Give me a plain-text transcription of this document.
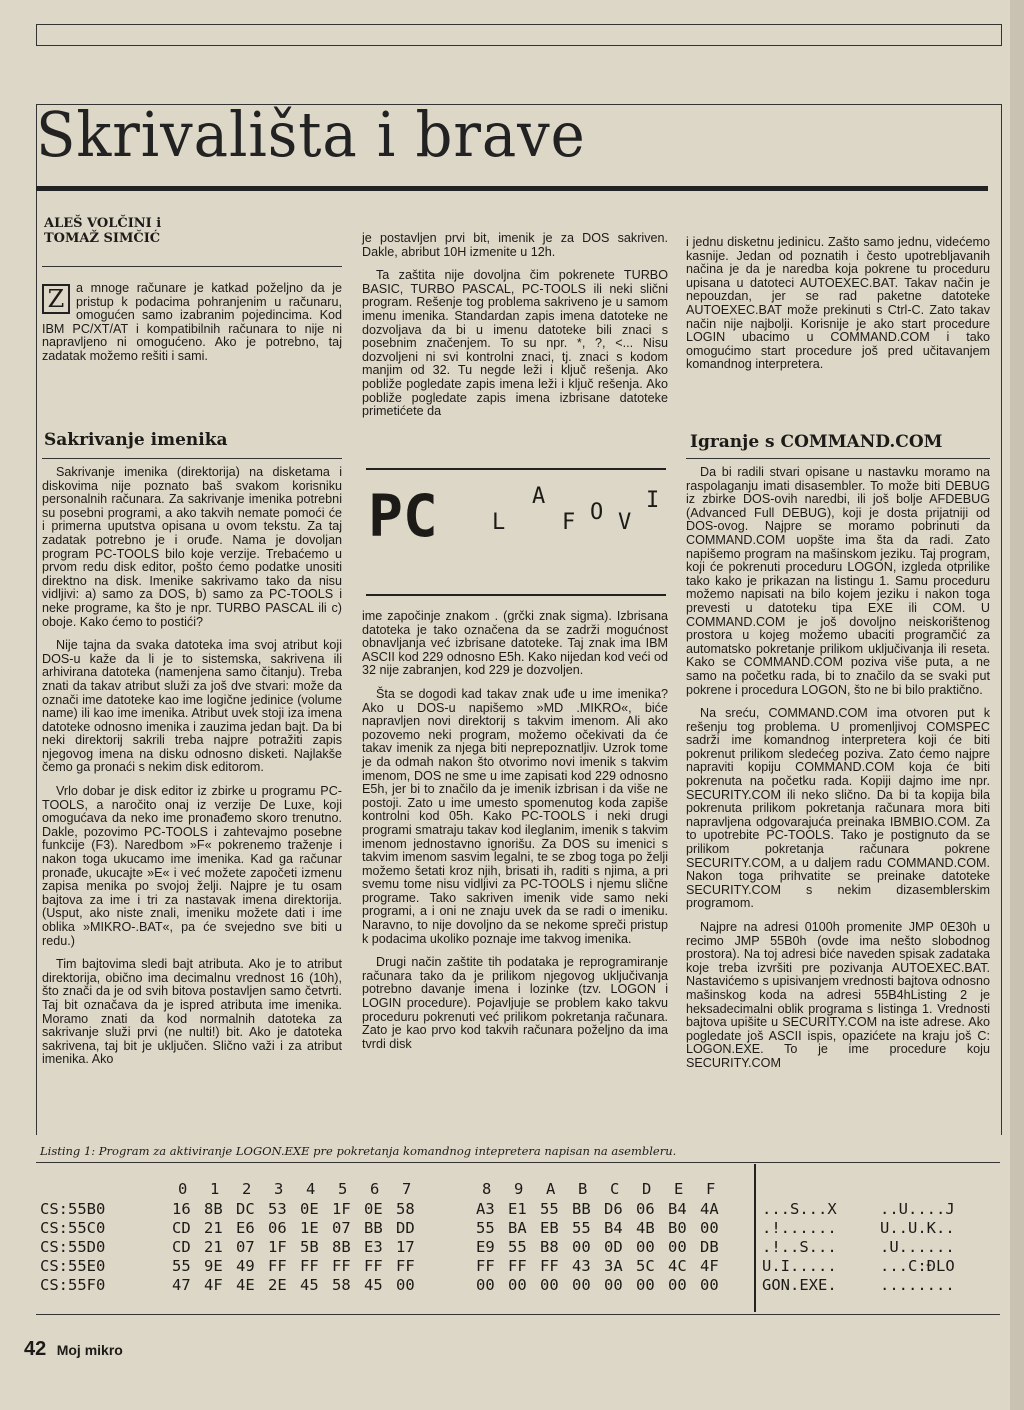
Skrivališta i brave
ALEŠ VOLČINI i
TOMAŽ SIMČIĆ

Z a mnoge računare je katkad poželjno da je pristup k podacima pohranjenim u računaru, omogućen samo izabranim pojedincima. Kod IBM PC/XT/AT i kompatibilnih računara to nije ni napravljeno ni omogućeno. Ako je potrebno, taj zadatak možemo rešiti i sami.

Sakrivanje imenika

Sakrivanje imenika (direktorija) na disketama i diskovima nije poznato baš svakom korisniku personalnih računara. Za sakrivanje imenika potrebni su posebni programi, a ako takvih nemate pomoći će i primerna uputstva opisana u ovom tekstu. Za taj zadatak potrebno je i oruđe. Nama je dovoljan program PC-TOOLS bilo koje verzije. Trebaćemo u prvom redu disk editor, pošto ćemo podatke unositi direktno na disk. Imenike sakrivamo tako da nisu vidljivi: a) samo za DOS, b) samo za PC-TOOLS i neke programe, ka što je npr. TURBO PASCAL ili c) oboje. Kako ćemo to postići?

Nije tajna da svaka datoteka ima svoj atribut koji DOS-u kaže da li je to sistemska, sakrivena ili arhivirana datoteka (namenjena samo čitanju). Treba znati da takav atribut služi za još dve stvari: može da označi ime datoteke kao ime logične jedinice (volume name) ili kao ime imenika. Atribut uvek stoji iza imena datoteke odnosno imenika i zauzima jedan bajt. Da bi neki direktorij sakrili treba najpre potražiti zapis njegovog imena na disku odnosno disketi. Najlakše čemo ga pronaći s nekim disk editorom.

Vrlo dobar je disk editor iz zbirke u programu PC-TOOLS, a naročito onaj iz verzije De Luxe, koji omogućava da neko ime pronađemo skoro trenutno. Dakle, pozovimo PC-TOOLS i zahtevajmo posebne funkcije (F3). Naredbom »F« pokrenemo traženje i nakon toga ukucamo ime imenika. Kad ga računar pronađe, ukucajte »E« i već možete započeti izmenu zapisa menika po svojoj želji. Najpre je tu osam bajtova za ime i tri za nastavak imena direktorija. (Usput, ako niste znali, imeniku možete dati i ime oblika »MIKRO-.BAT«, pa će svejedno sve biti u redu.)

Tim bajtovima sledi bajt atributa. Ako je to atribut direktorija, obično ima decimalnu vrednost 16 (10h), što znači da je od svih bitova postavljen samo četvrti. Taj bit označava da je ispred atributa ime imenika. Moramo znati da kod normalnih datoteka za sakrivanje služi prvi (ne nulti!) bit. Ako je datoteka sakrivena, taj bit je uključen. Slično važi i za atribut imenika. Ako

je postavljen prvi bit, imenik je za DOS sakriven. Dakle, abribut 10H izmenite u 12h.

Ta zaštita nije dovoljna čim pokrenete TURBO BASIC, TURBO PASCAL, PC-TOOLS ili neki slični program. Rešenje tog problema sakriveno je u samom imenu imenika. Standardan zapis imena datoteke ne dozvoljava da bi u imenu datoteke bili znaci s posebnim značenjem. To su npr. *, ?, <... Nisu dozvoljeni ni svi kontrolni znaci, tj. znaci s kodom manjim od 32. Tu negde leži i ključ rešenja. Ako pobliže pogledate zapis imena leži i ključ rešenja. Ako pobliže pogledate zapis imena izbrisane datoteke primetićete da

PC L
A
F O V
I

ime započinje znakom . (grčki znak sigma). Izbrisana datoteka je tako označena da se zadrži mogućnost obnavljanja već izbrisane datoteke. Taj znak ima IBM ASCII kod 229 odnosno E5h. Kako nijedan kod veći od 32 nije zabranjen, kod 229 je dozvoljen.

Šta se dogodi kad takav znak uđe u ime imenika? Ako u DOS-u napišemo »MD .MIKRO«, biće napravljen novi direktorij s takvim imenom. Ali ako pozovemo neki program, možemo očekivati da će takav imenik za njega biti neprepoznatljiv. Uzrok tome je da odmah nakon što otvorimo novi imenik s takvim imenom, DOS ne sme u ime zapisati kod 229 odnosno E5h, jer bi to značilo da je imenik izbrisan i da više ne postoji. Zato u ime umesto spomenutog koda zapiše kontrolni kod 05h. Kako PC-TOOLS i neki drugi programi smatraju takav kod ileglanim, imenik s takvim imenom jednostavno ignorišu. Za DOS su imenici s takvim imenom sasvim legalni, te se zbog toga po želji možemo šetati kroz njih, brisati ih, raditi s njima, a pri svemu tome nisu vidljivi za PC-TOOLS i njemu slične programe. Tako sakriven imenik vide samo neki programi, a i oni ne znaju uvek da se radi o imeniku. Naravno, to nije dovoljno da se nekome spreči pristup k podacima ukoliko poznaje ime takvog imenika.

Drugi način zaštite tih podataka je reprogramiranje računara tako da je prilikom njegovog uključivanja potrebno davanje imena i lozinke (tzv. LOGON i LOGIN procedure). Pojavljuje se problem kako takvu proceduru pokrenuti već prilikom pokretanja računara. Zato je kao prvo kod takvih računara poželjno da ima tvrdi disk

i jednu disketnu jedinicu. Zašto samo jednu, videćemo kasnije. Jedan od poznatih i često upotrebljavanih načina je da je naredba koja pokrene tu proceduru upisana u datoteci AUTOEXEC.BAT. Takav način je nepouzdan, jer se rad paketne datoteke AUTOEXEC.BAT može prekinuti s Ctrl-C. Zato takav način nije najbolji. Korisnije je ako start procedure LOGIN ubacimo u COMMAND.COM i tako omogućimo start procedure još pred učitavanjem komandnog interpretera.

Igranje s COMMAND.COM

Da bi radili stvari opisane u nastavku moramo na raspolaganju imati disasembler. To može biti DEBUG iz zbirke DOS-ovih naredbi, ili još bolje AFDEBUG (Advanced Full DEBUG), koji je dosta prijatniji od DOS-ovog. Najpre se moramo pobrinuti da COMMAND.COM uopšte ima šta da radi. Zato napišemo program na mašinskom jeziku. Taj program, koji će pokrenuti proceduru LOGON, izgleda otprilike tako kako je prikazan na listingu 1. Samu proceduru možemo napisati na bilo kojem jeziku i nakon toga prevesti u datoteku tipa EXE ili COM. U COMMAND.COM je još dovoljno neiskorištenog prostora u kojeg možemo ubaciti programčić za automatsko pokretanje prilikom uključivanja ili resetа. Kako se COMMAND.COM poziva više puta, a ne samo na početku rada, bi to značilo da se svaki put pokrene i procedura LOGON, što ne bi bilo praktično.

Na sreću, COMMAND.COM ima otvoren put k rešenju tog problema. U promenljivoj COMSPEC sadrži ime komandnog interpretera koji će biti pokrenut prilikom sledećeg poziva. Zato ćemo najpre napraviti kopiju COMMAND.COM koja će biti pokrenuta na početku rada. Kopiji dajmo ime npr. SECURITY.COM ili neko slično. Da bi ta kopija bila pokrenuta prilikom pokretanja računara mora biti napravljena odgovarajuća preinaka IBMBIO.COM. Za to upotrebite PC-TOOLS. Tako je postignuto da se prilikom pokretanja računara pokrene SECURITY.COM, a u daljem radu COMMAND.COM. Nakon toga prihvatite se preinake datoteke SECURITY.COM s nekim dizasemblerskim programom.

Najpre na adresi 0100h promenite JMP 0E30h u recimo JMP 55B0h (ovde ima nešto slobodnog prostora). Na toj adresi biće naveden spisak zadataka koje treba izvršiti pre pozivanja AUTOEXEC.BAT. Nastavićemo s upisivanjem vrednosti bajtova odnosno mašinskog koda na adresi 55B4hListing 2 je heksadecimalni oblik programa s listinga 1. Vrednosti bajtova upišite u SECURITY.COM na iste adrese. Ako pogledate još ASCII ispis, opazićete na kraju još C: LOGON.EXE. To je ime procedure koju SECURITY.COM

Listing 1: Program za aktiviranje LOGON.EXE pre pokretanja komandnog intepretera napisan na asembleru.
0 1 2 3 4 5 6 7	8 9 A B C D E F
CS:55B0	16 8B DC 53 0E 1F 0E 58	A3 E1 55 BB D6 06 B4 4A	...S...X	..U....J
CS:55C0	CD 21 E6 06 1E 07 BB DD	55 BA EB 55 B4 4B B0 00	.!......	U..U.K..
CS:55D0	CD 21 07 1F 5B 8B E3 17	E9 55 B8 00 0D 00 00 DB	.!..S...	.U......
CS:55E0	55 9E 49 FF FF FF FF FF	FF FF FF 43 3A 5C 4C 4F	U.I.....	...C:ĐLO
CS:55F0	47 4F 4E 2E 45 58 45 00	00 00 00 00 00 00 00 00	GON.EXE.	........
42 Moj mikro
